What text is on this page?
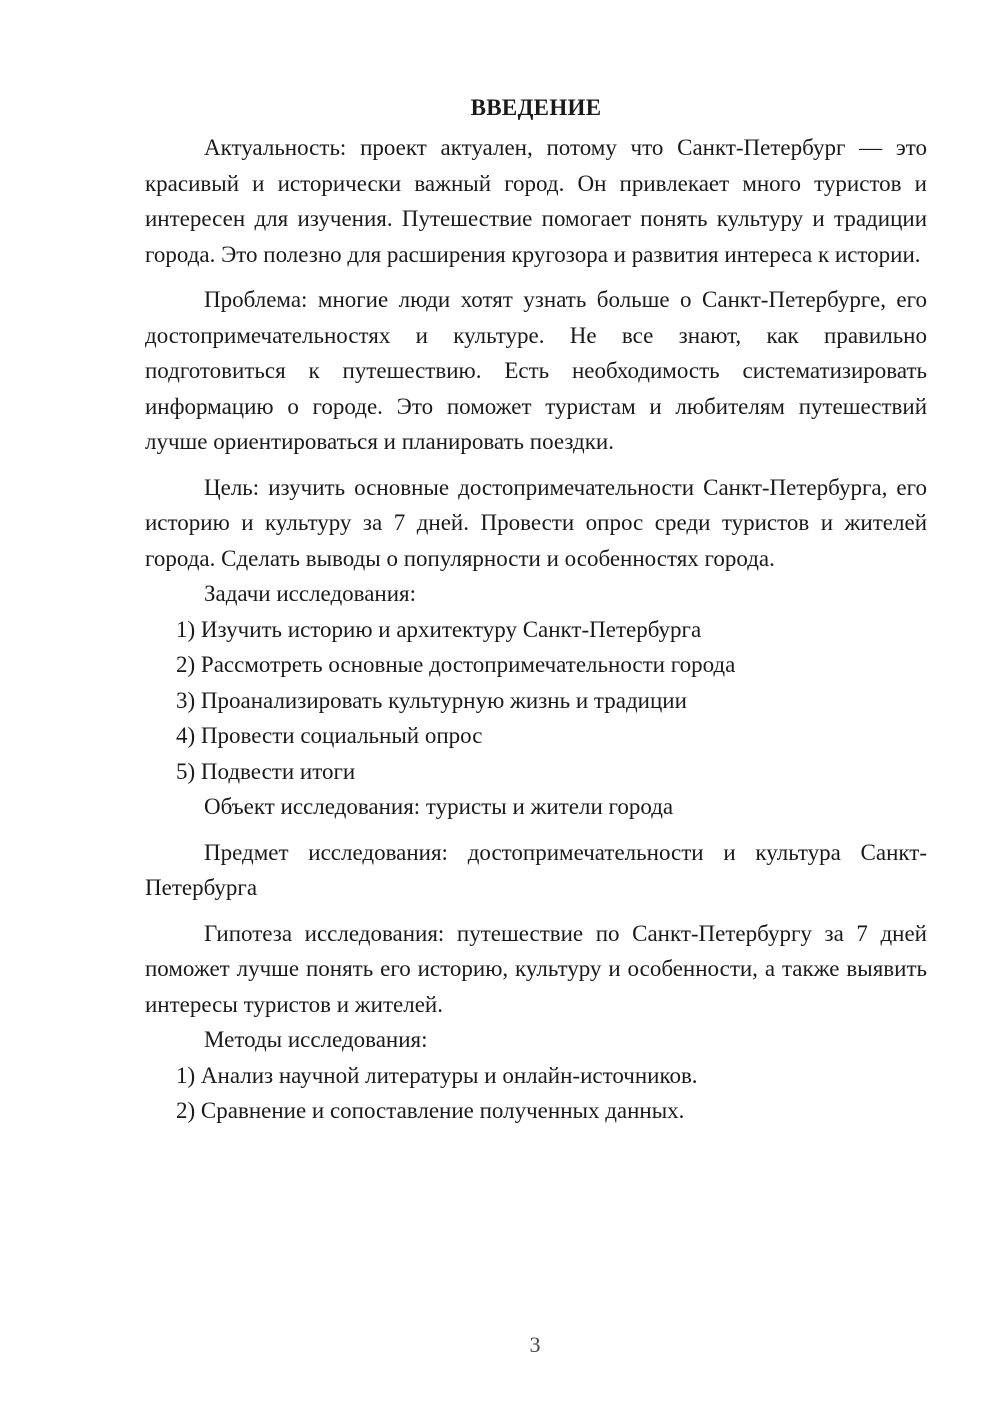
ВВЕДЕНИЕ

Актуальность: проект актуален, потому что Санкт-Петербург — это красивый и исторически важный город. Он привлекает много туристов и интересен для изучения. Путешествие помогает понять культуру и традиции города. Это полезно для расширения кругозора и развития интереса к истории.

Проблема: многие люди хотят узнать больше о Санкт-Петербурге, его достопримечательностях и культуре. Не все знают, как правильно подготовиться к путешествию. Есть необходимость систематизировать информацию о городе. Это поможет туристам и любителям путешествий лучше ориентироваться и планировать поездки.

Цель: изучить основные достопримечательности Санкт-Петербурга, его историю и культуру за 7 дней. Провести опрос среди туристов и жителей города. Сделать выводы о популярности и особенностях города.

Задачи исследования:

1) Изучить историю и архитектуру Санкт-Петербурга

2) Рассмотреть основные достопримечательности города

3) Проанализировать культурную жизнь и традиции

4) Провести социальный опрос

5) Подвести итоги

Объект исследования: туристы и жители города

Предмет исследования: достопримечательности и культура Санкт-Петербурга

Гипотеза исследования: путешествие по Санкт-Петербургу за 7 дней поможет лучше понять его историю, культуру и особенности, а также выявить интересы туристов и жителей.

Методы исследования:

1) Анализ научной литературы и онлайн-источников.

2) Сравнение и сопоставление полученных данных.

3
